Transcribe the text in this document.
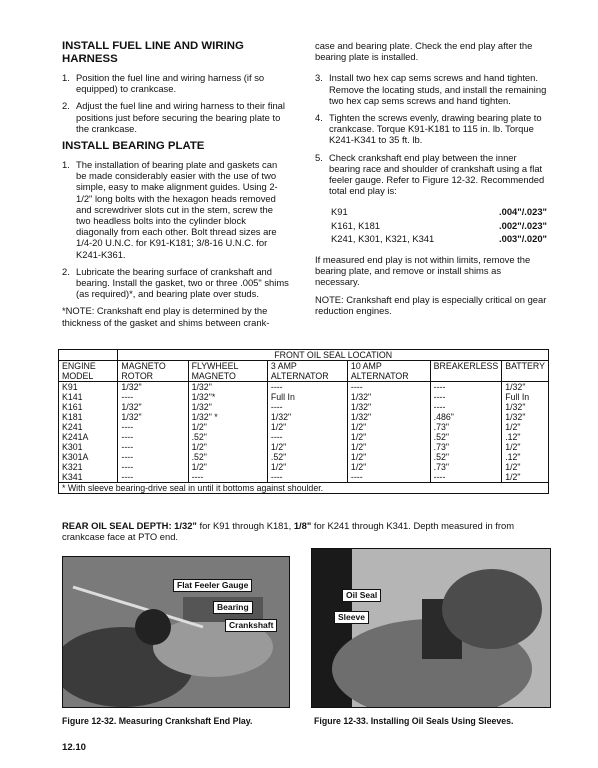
INSTALL FUEL LINE AND WIRING HARNESS
1. Position the fuel line and wiring harness (if so equipped) to crankcase.
2. Adjust the fuel line and wiring harness to their final positions just before securing the bearing plate to the crankcase.
INSTALL BEARING PLATE
1. The installation of bearing plate and gaskets can be made considerably easier with the use of two simple, easy to make alignment guides. Using 2-1/2" long bolts with the hexagon heads removed and screwdriver slots cut in the stem, screw the two headless bolts into the cylinder block diagonally from each other. Bolt thread sizes are 1/4-20 U.N.C. for K91-K181; 3/8-16 U.N.C. for K241-K361.
2. Lubricate the bearing surface of crankshaft and bearing. Install the gasket, two or three .005" shims (as required)*, and bearing plate over studs.
*NOTE: Crankshaft end play is determined by the thickness of the gasket and shims between crank-
case and bearing plate. Check the end play after the bearing plate is installed.
3. Install two hex cap sems screws and hand tighten. Remove the locating studs, and install the remaining two hex cap sems screws and hand tighten.
4. Tighten the screws evenly, drawing bearing plate to crankcase. Torque K91-K181 to 115 in. lb. Torque K241-K341 to 35 ft. lb.
5. Check crankshaft end play between the inner bearing race and shoulder of crankshaft using a flat feeler gauge. Refer to Figure 12-32. Recommended total end play is:
K91	.004"/.023"
K161, K181	.002"/.023"
K241, K301, K321, K341	.003"/.020"
If measured end play is not within limits, remove the bearing plate, and remove or install shims as necessary.
NOTE: Crankshaft end play is especially critical on gear reduction engines.
	FRONT OIL SEAL LOCATION					
ENGINE MODEL	MAGNETO ROTOR	FLYWHEEL MAGNETO	3 AMP ALTERNATOR	10 AMP ALTERNATOR	BREAKERLESS	BATTERY
K91	1/32"	1/32"	----	----	----	1/32"
K141	----	1/32"*	Full In	1/32"	----	Full In
K161	1/32"	1/32"	----	1/32"	----	1/32"
K181	1/32"	1/32" *	1/32"	1/32"	.486"	1/32"
K241	----	1/2"	1/2"	1/2"	.73"	1/2"
K241A	----	.52"	----	1/2"	.52"	.12"
K301	----	1/2"	1/2"	1/2"	.73"	1/2"
K301A	----	.52"	.52"	1/2"	.52"	.12"
K321	----	1/2"	1/2"	1/2"	.73"	1/2"
K341	----	----	----	----	----	1/2"
* With sleeve bearing-drive seal in until it bottoms against shoulder.						
REAR OIL SEAL DEPTH: 1/32" for K91 through K181, 1/8" for K241 through K341. Depth measured in from crankcase face at PTO end.
Flat Feeler Gauge
Bearing
Crankshaft
Figure 12-32. Measuring Crankshaft End Play.
Oil Seal
Sleeve
Figure 12-33. Installing Oil Seals Using Sleeves.
12.10
